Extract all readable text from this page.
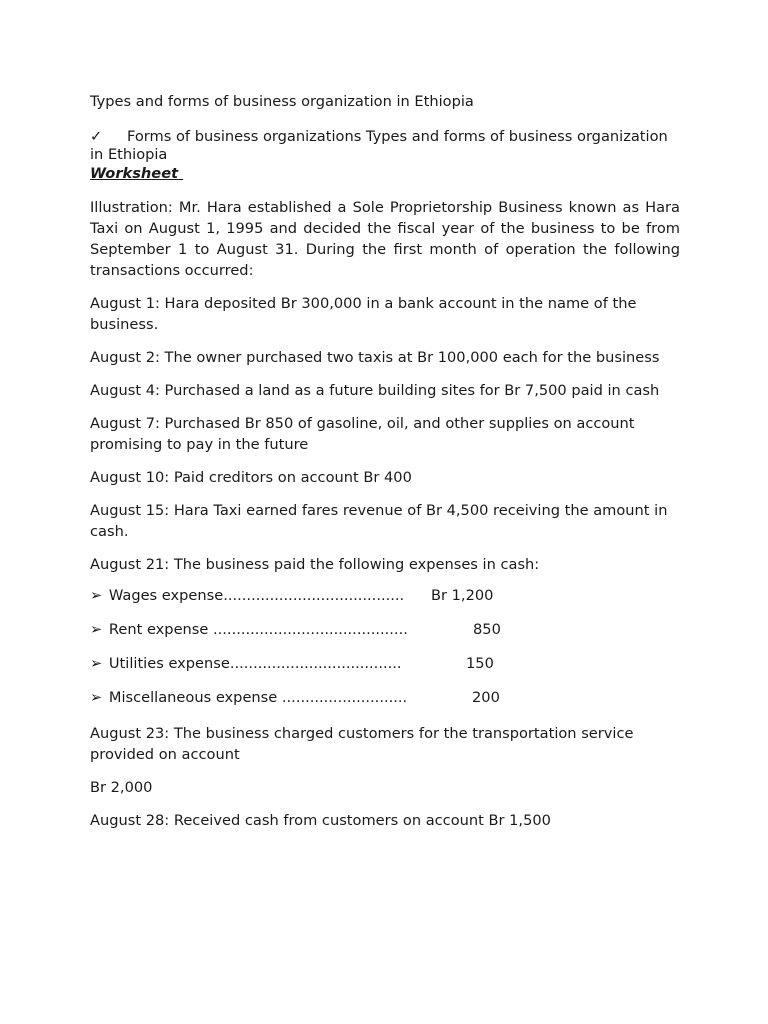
Types and forms of business organization in Ethiopia
✓ Forms of business organizations Types and forms of business organization in Ethiopia
Worksheet

Illustration: Mr. Hara established a Sole Proprietorship Business known as Hara Taxi on August 1, 1995 and decided the fiscal year of the business to be from September 1 to August 31. During the first month of operation the following transactions occurred:

August 1: Hara deposited Br 300,000 in a bank account in the name of the business.

August 2: The owner purchased two taxis at Br 100,000 each for the business

August 4: Purchased a land as a future building sites for Br 7,500 paid in cash

August 7: Purchased Br 850 of gasoline, oil, and other supplies on account promising to pay in the future

August 10: Paid creditors on account Br 400

August 15: Hara Taxi earned fares revenue of Br 4,500 receiving the amount in cash.

August 21: The business paid the following expenses in cash:

➢ Wages expense....................................... Br 1,200
➢ Rent expense ..........................................	850
➢ Utilities expense.....................................	150
➢ Miscellaneous expense ...........................	200

August 23: The business charged customers for the transportation service provided on account

Br 2,000

August 28: Received cash from customers on account Br 1,500
